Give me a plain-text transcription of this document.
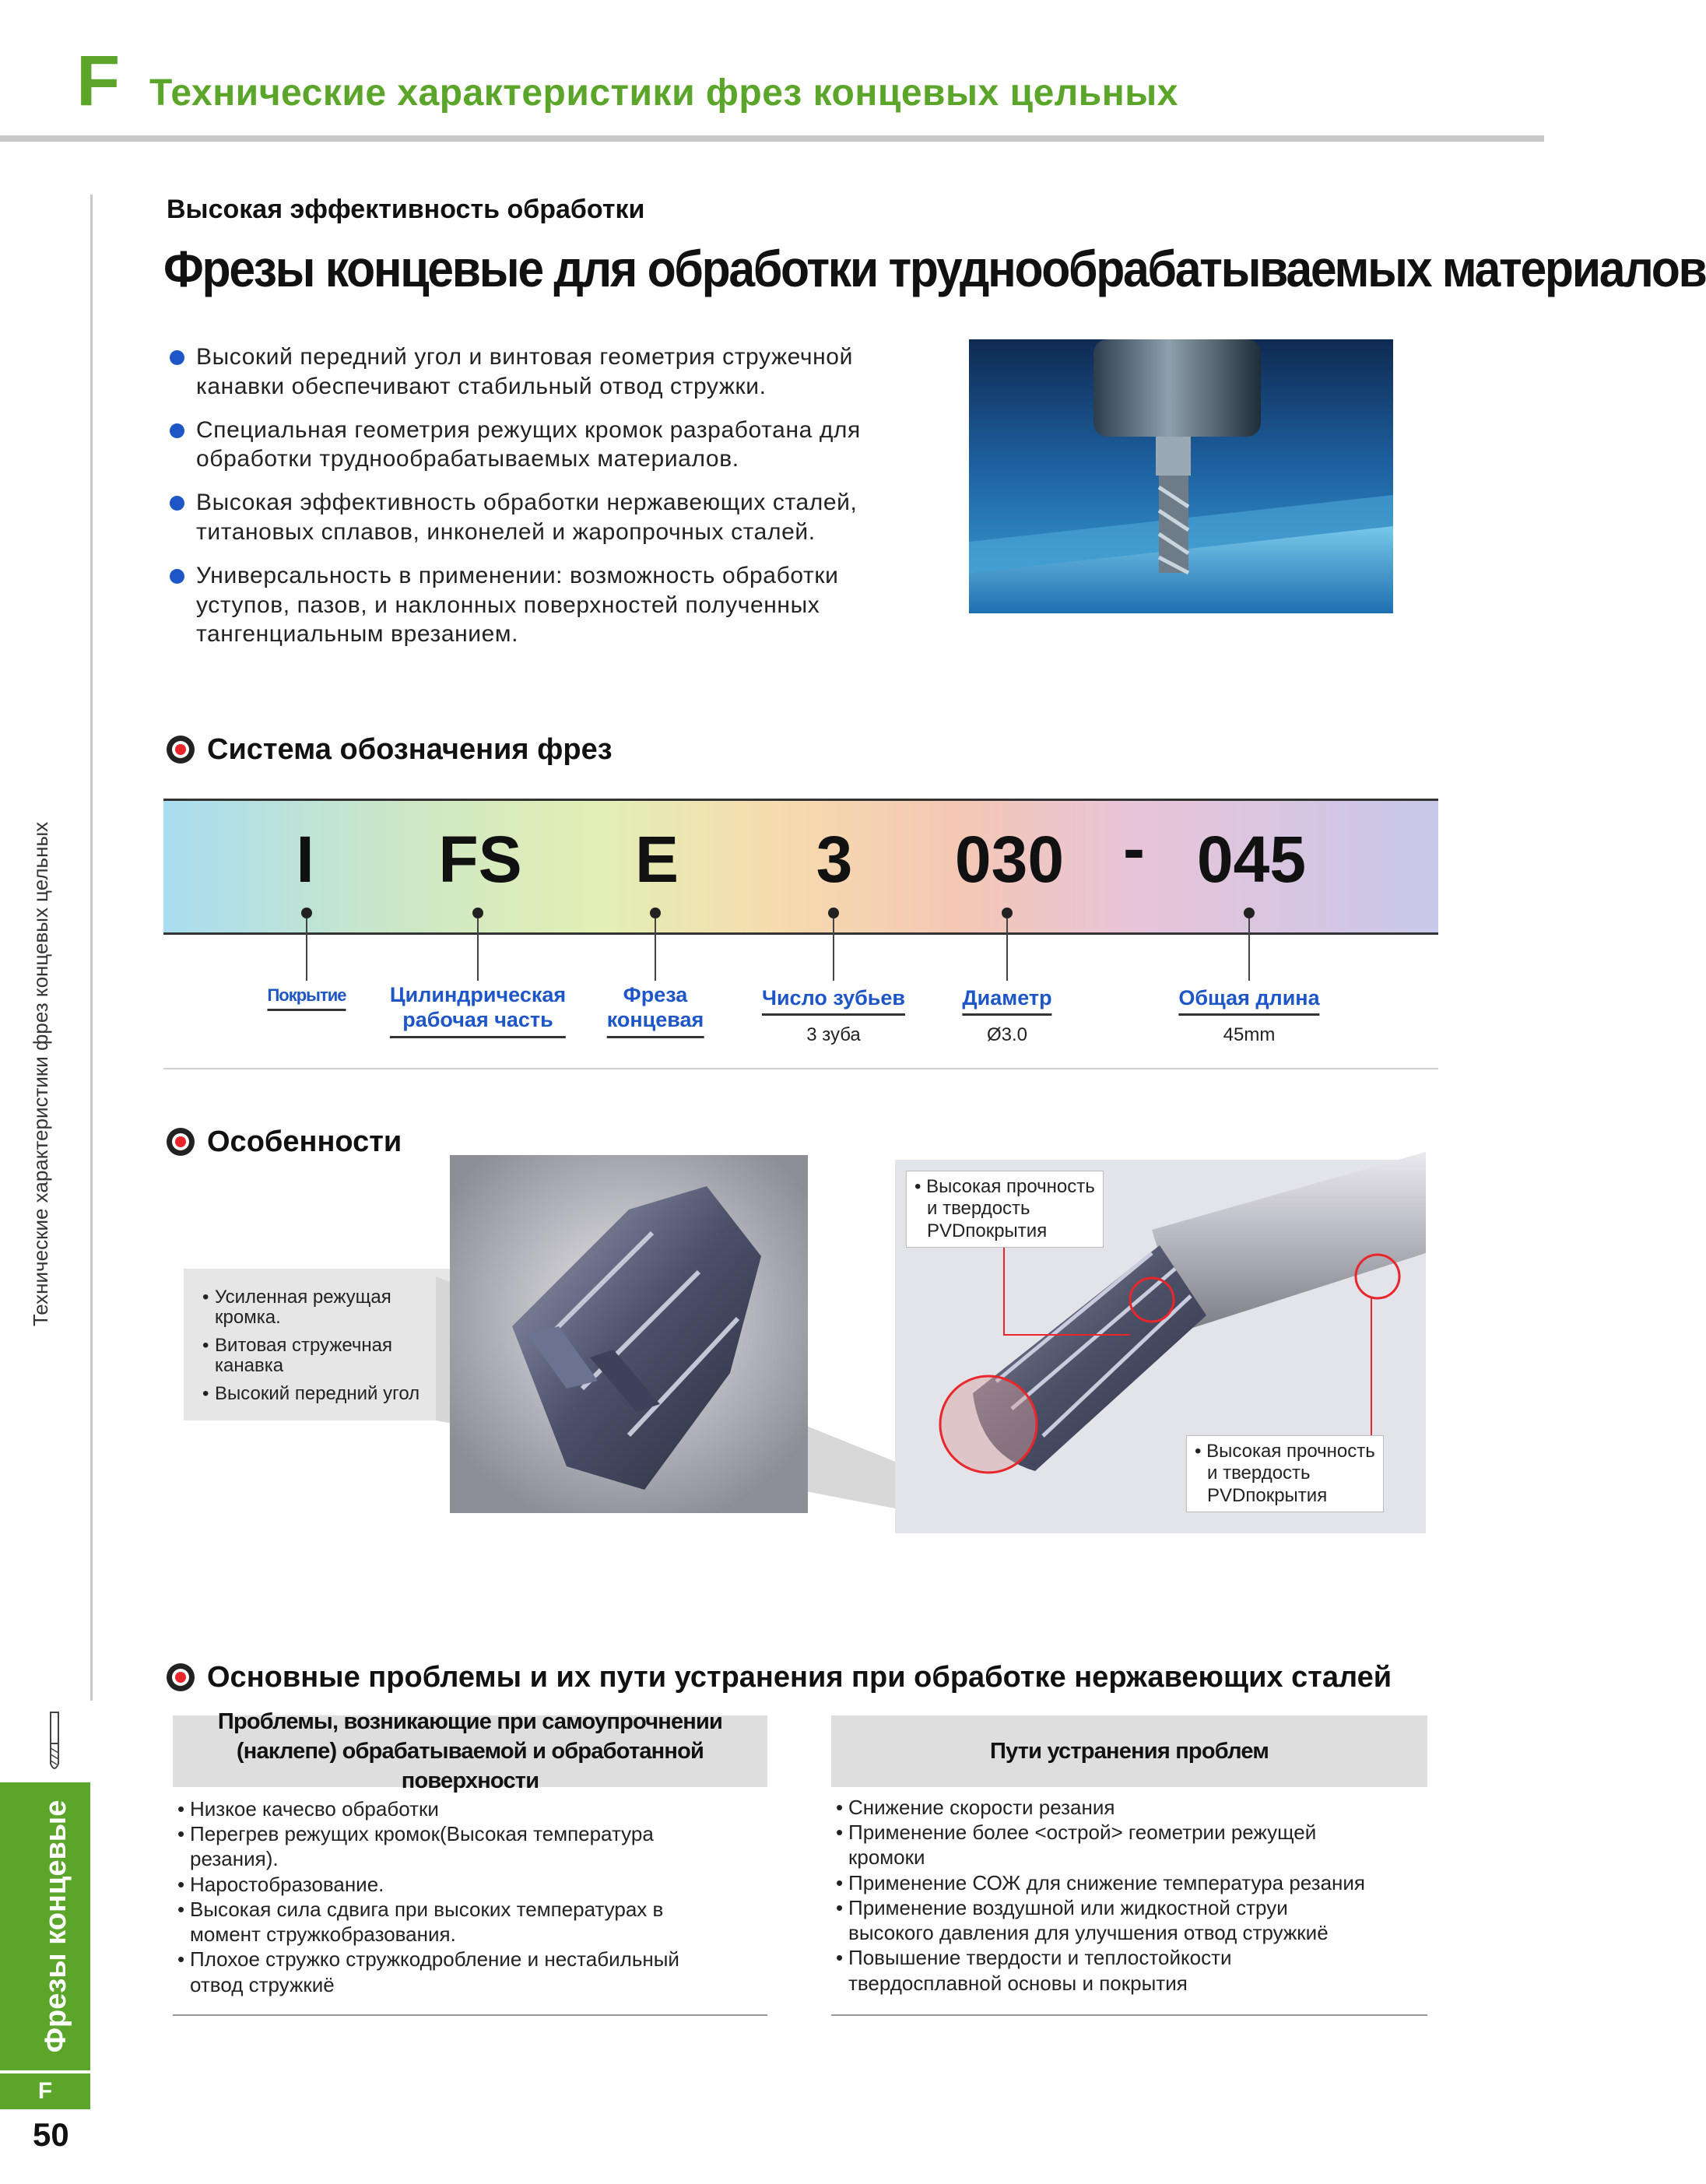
F Технические характеристики фрез концевых цельных
Технические характеристики фрез концевых цельных
Фрезы концевые
F
50
Высокая эффективность обработки
Фрезы концевые для обработки труднообрабатываемых материалов
Высокий передний угол и винтовая геометрия стружечной
канавки обеспечивают стабильный отвод стружки.
Специальная геометрия режущих кромок разработана для
обработки труднообрабатываемых материалов.
Высокая эффективность обработки нержавеющих сталей,
титановых сплавов, инконелей и жаропрочных сталей.
Универсальность в применении: возможность обработки
уступов, пазов, и наклонных поверхностей полученных
тангенциальным врезанием.
Система обозначения фрез
I FS E 3 030 - 045
Покрытие Цилиндрическая
рабочая часть
Фреза
концевая
Число зубьев
3 зуба
Диаметр
Ø3.0
Общая длина
45mm
Особенности
Усиленная режущая
•
кромка.
Витовая стружечная
•
канавка
Высокий передний угол
•
• Высокая прочность
и твердость
PVDпокрытия
• Высокая прочность
и твердость
PVDпокрытия
Основные проблемы и их пути устранения при обработке нержавеющих сталей
Проблемы, возникающие при самоупрочнении
(наклепе) обрабатываемой и обработанной поверхности
Пути устранения проблем
• Низкое качесво обработки
• Перегрев режущих кромок(Высокая температура
резания).
• Наростобразование.
• Высокая сила сдвига при высоких температурах в
момент стружкобразования.
• Плохое стружко стружкодробление и нестабильный
отвод стружкиё
• Снижение скорости резания
• Применение более <острой> геометрии режущей
кромоки
• Применение СОЖ для снижение температура резания
• Применение воздушной или жидкостной струи
высокого давления для улучшения отвод стружкиё
• Повышение твердости и теплостойкости
твердосплавной основы и покрытия
